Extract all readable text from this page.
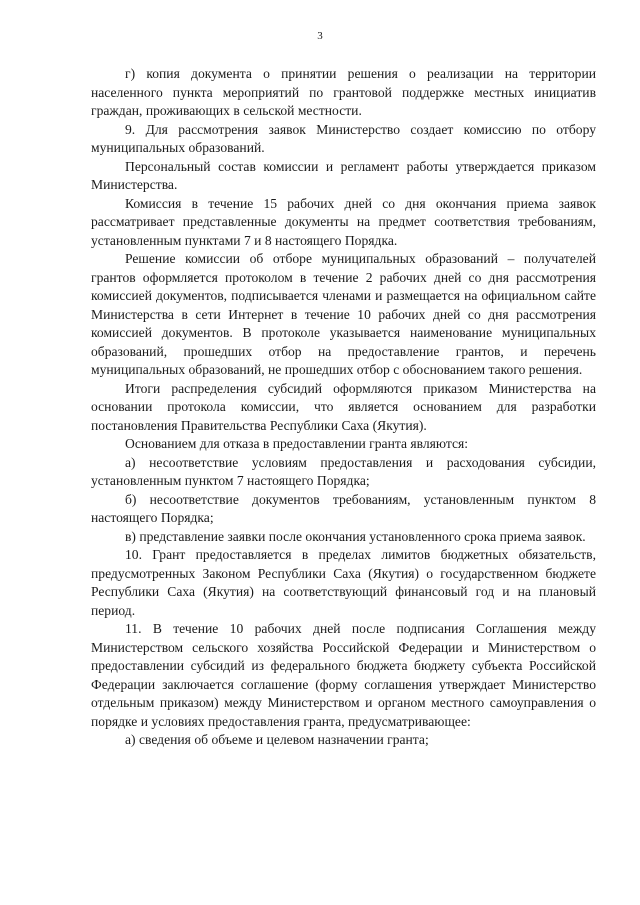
3

г) копия документа о принятии решения о реализации на территории населенного пункта мероприятий по грантовой поддержке местных инициатив граждан, проживающих в сельской местности.

9. Для рассмотрения заявок Министерство создает комиссию по отбору муниципальных образований.

Персональный состав комиссии и регламент работы утверждается приказом Министерства.

Комиссия в течение 15 рабочих дней со дня окончания приема заявок рассматривает представленные документы на предмет соответствия требованиям, установленным пунктами 7 и 8 настоящего Порядка.

Решение комиссии об отборе муниципальных образований – получателей грантов оформляется протоколом в течение 2 рабочих дней со дня рассмотрения комиссией документов, подписывается членами и размещается на официальном сайте Министерства в сети Интернет в течение 10 рабочих дней со дня рассмотрения комиссией документов. В протоколе указывается наименование муниципальных образований, прошедших отбор на предоставление грантов, и перечень муниципальных образований, не прошедших отбор с обоснованием такого решения.

Итоги распределения субсидий оформляются приказом Министерства на основании протокола комиссии, что является основанием для разработки постановления Правительства Республики Саха (Якутия).

Основанием для отказа в предоставлении гранта являются:

а) несоответствие условиям предоставления и расходования субсидии, установленным пунктом 7 настоящего Порядка;

б) несоответствие документов требованиям, установленным пунктом 8 настоящего Порядка;

в) представление заявки после окончания установленного срока приема заявок.

10. Грант предоставляется в пределах лимитов бюджетных обязательств, предусмотренных Законом Республики Саха (Якутия) о государственном бюджете Республики Саха (Якутия) на соответствующий финансовый год и на плановый период.

11. В течение 10 рабочих дней после подписания Соглашения между Министерством сельского хозяйства Российской Федерации и Министерством о предоставлении субсидий из федерального бюджета бюджету субъекта Российской Федерации заключается соглашение (форму соглашения утверждает Министерство отдельным приказом) между Министерством и органом местного самоуправления о порядке и условиях предоставления гранта, предусматривающее:

а) сведения об объеме и целевом назначении гранта;
